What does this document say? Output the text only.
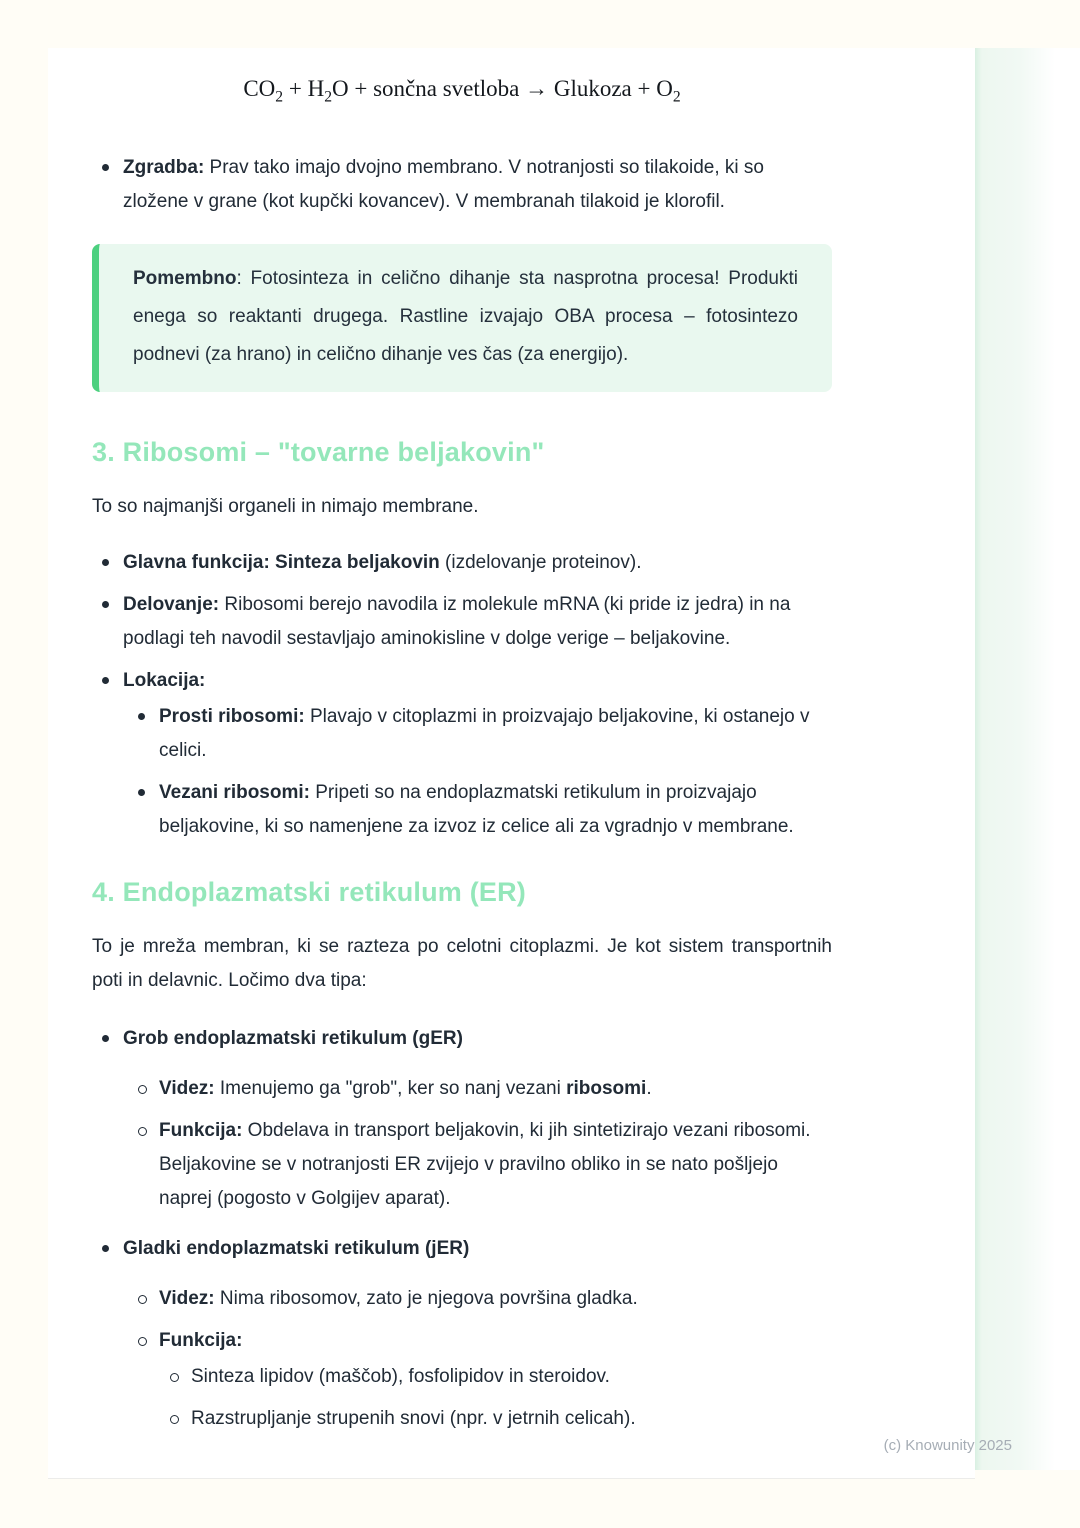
$CO_2 + H_2O$ + sončna svetloba → Glukoza + $O_2$
Zgradba: Prav tako imajo dvojno membrano. V notranjosti so tilakoide, ki so zložene v grane (kot kupčki kovancev). V membranah tilakoid je klorofil.
Pomembno: Fotosinteza in celično dihanje sta nasprotna procesa! Produkti enega so reaktanti drugega. Rastline izvajajo OBA procesa – fotosintezo podnevi (za hrano) in celično dihanje ves čas (za energijo).
3. Ribosomi – "tovarne beljakovin"

To so najmanjši organeli in nimajo membrane.

Glavna funkcija: Sinteza beljakovin (izdelovanje proteinov).
Delovanje: Ribosomi berejo navodila iz molekule mRNA (ki pride iz jedra) in na podlagi teh navodil sestavljajo aminokisline v dolge verige – beljakovine.
Lokacija:
Prosti ribosomi: Plavajo v citoplazmi in proizvajajo beljakovine, ki ostanejo v celici.
Vezani ribosomi: Pripeti so na endoplazmatski retikulum in proizvajajo beljakovine, ki so namenjene za izvoz iz celice ali za vgradnjo v membrane.
4. Endoplazmatski retikulum (ER)

To je mreža membran, ki se razteza po celotni citoplazmi. Je kot sistem transportnih poti in delavnic. Ločimo dva tipa:

Grob endoplazmatski retikulum (gER)
Videz: Imenujemo ga "grob", ker so nanj vezani ribosomi.
Funkcija: Obdelava in transport beljakovin, ki jih sintetizirajo vezani ribosomi. Beljakovine se v notranjosti ER zvijejo v pravilno obliko in se nato pošljejo naprej (pogosto v Golgijev aparat).
Gladki endoplazmatski retikulum (jER)
Videz: Nima ribosomov, zato je njegova površina gladka.
Funkcija:
Sinteza lipidov (maščob), fosfolipidov in steroidov.
Razstrupljanje strupenih snovi (npr. v jetrnih celicah).
(c) Knowunity 2025
